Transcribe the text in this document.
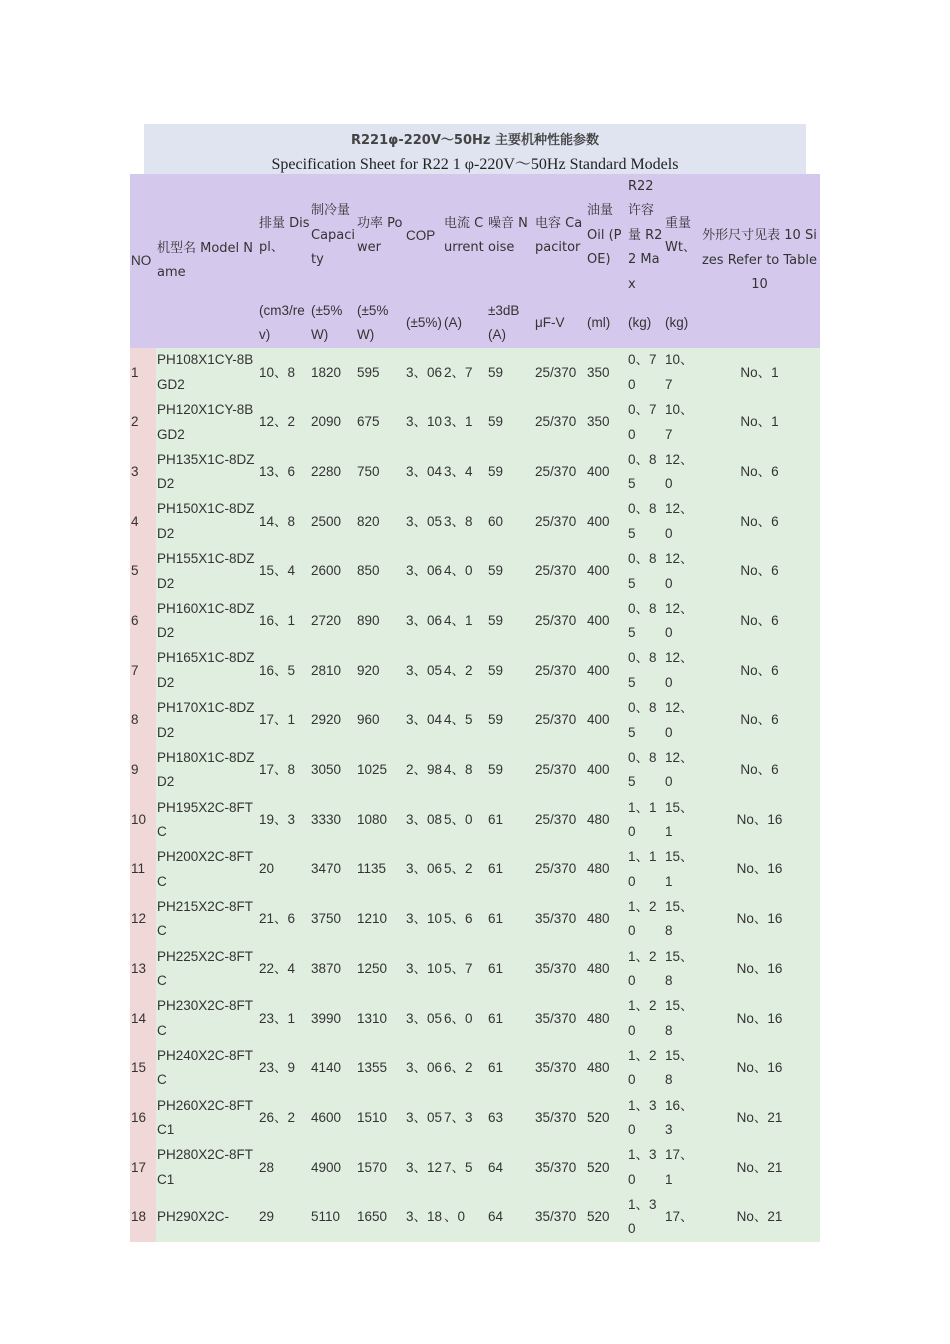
R221φ-220V～50Hz 主要机种性能参数
Specification Sheet for R22 1 φ-220V～50Hz Standard Models
NO	机型名 Model Name	排量 Displ、	制冷量 Capacity	功率 Power	COP	电流 Current	噪音 Noise	电容 Capacitor	油量 Oil (POE)	R22 许容量 R22 Max	重量 Wt、	外形尺寸见表 10 Sizes Refer to Table 10
		(cm3/rev)	(±5% W)	(±5% W)	(±5%)	(A)	±3dB(A)	μF-V	(ml)	(kg)	(kg)	
1	PH108X1CY-8BGD2	10、8	1820	595	3、06	2、7	59	25/370	350	0、70	10、7	No、1
2	PH120X1CY-8BGD2	12、2	2090	675	3、10	3、1	59	25/370	350	0、70	10、7	No、1
3	PH135X1C-8DZD2	13、6	2280	750	3、04	3、4	59	25/370	400	0、85	12、0	No、6
4	PH150X1C-8DZD2	14、8	2500	820	3、05	3、8	60	25/370	400	0、85	12、0	No、6
5	PH155X1C-8DZD2	15、4	2600	850	3、06	4、0	59	25/370	400	0、85	12、0	No、6
6	PH160X1C-8DZD2	16、1	2720	890	3、06	4、1	59	25/370	400	0、85	12、0	No、6
7	PH165X1C-8DZD2	16、5	2810	920	3、05	4、2	59	25/370	400	0、85	12、0	No、6
8	PH170X1C-8DZD2	17、1	2920	960	3、04	4、5	59	25/370	400	0、85	12、0	No、6
9	PH180X1C-8DZD2	17、8	3050	1025	2、98	4、8	59	25/370	400	0、85	12、0	No、6
10	PH195X2C-8FTC	19、3	3330	1080	3、08	5、0	61	25/370	480	1、10	15、1	No、16
11	PH200X2C-8FTC	20	3470	1135	3、06	5、2	61	25/370	480	1、10	15、1	No、16
12	PH215X2C-8FTC	21、6	3750	1210	3、10	5、6	61	35/370	480	1、20	15、8	No、16
13	PH225X2C-8FTC	22、4	3870	1250	3、10	5、7	61	35/370	480	1、20	15、8	No、16
14	PH230X2C-8FTC	23、1	3990	1310	3、05	6、0	61	35/370	480	1、20	15、8	No、16
15	PH240X2C-8FTC	23、9	4140	1355	3、06	6、2	61	35/370	480	1、20	15、8	No、16
16	PH260X2C-8FTC1	26、2	4600	1510	3、05	7、3	63	35/370	520	1、30	16、3	No、21
17	PH280X2C-8FTC1	28	4900	1570	3、12	7、5	64	35/370	520	1、30	17、1	No、21
18	PH290X2C-	29	5110	1650	3、18	、0	64	35/370	520	1、30	17、	No、21
